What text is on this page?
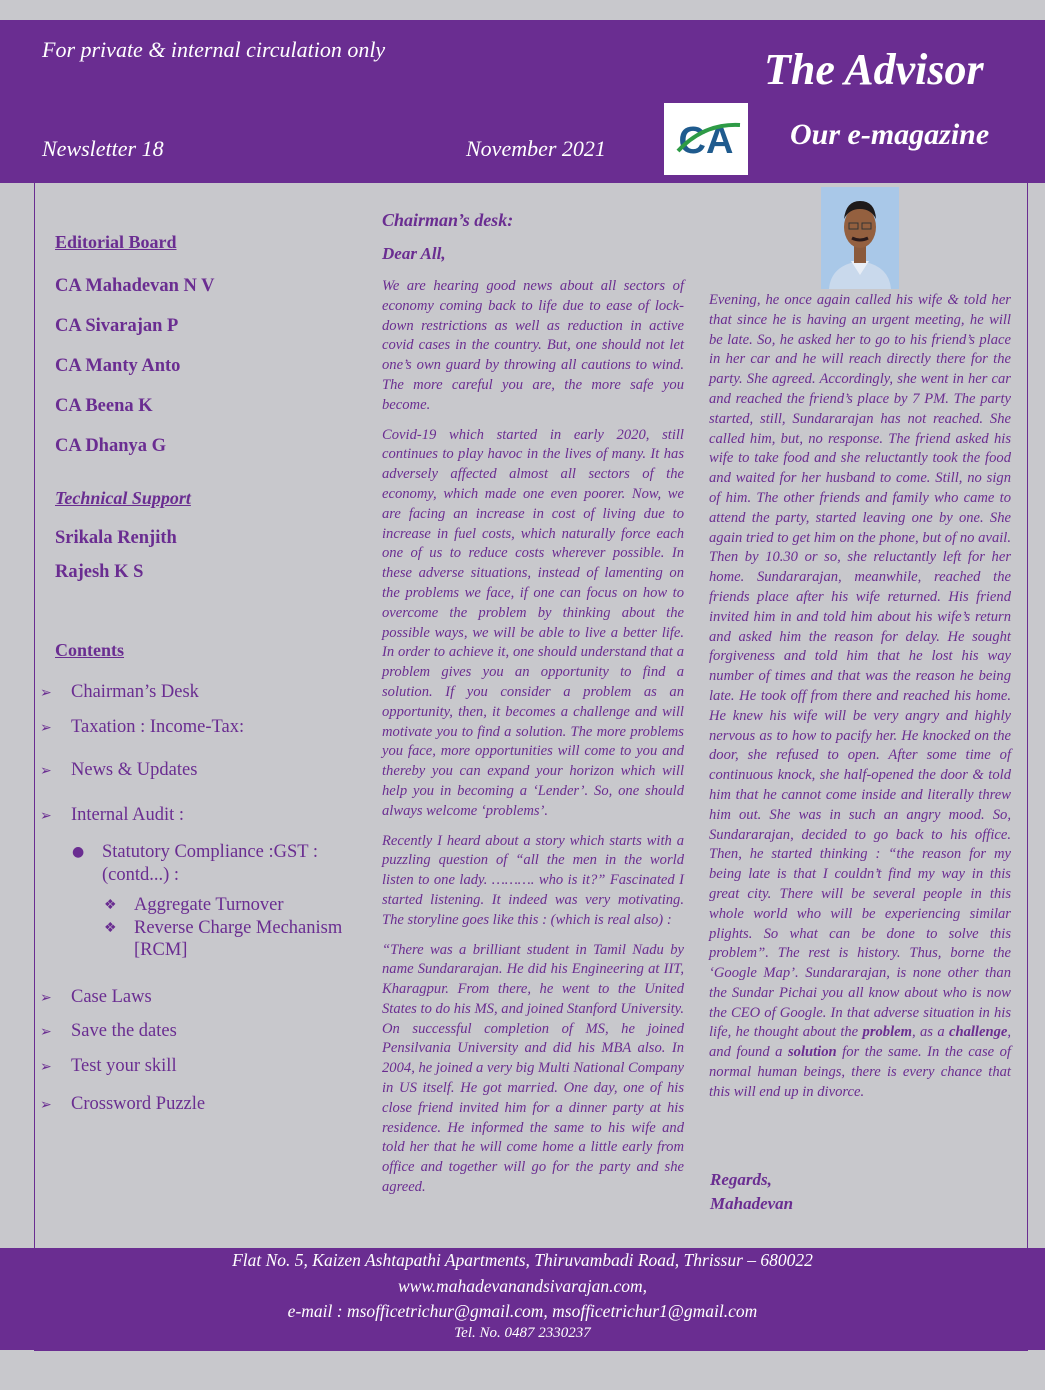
For private & internal circulation only
Newsletter 18	November 2021 CA
The Advisor
Our e-magazine
Editorial Board
CA Mahadevan N V
CA Sivarajan P
CA Manty Anto
CA Beena K
CA Dhanya G
Technical Support
Srikala Renjith
Rajesh K S
Contents
➢ Chairman’s Desk
➢ Taxation : Income-Tax:
➢ News & Updates
➢ Internal Audit :
● Statutory Compliance :GST :
(contd...) :
❖ Aggregate Turnover
❖ Reverse Charge Mechanism
[RCM]
➢ Case Laws
➢ Save the dates
➢ Test your skill
➢ Crossword Puzzle
Chairman’s desk:
Dear All,

We are hearing good news about all sectors of economy coming back to life due to ease of lock-down restrictions as well as reduction in active covid cases in the country. But, one should not let one’s own guard by throwing all cautions to wind. The more careful you are, the more safe you become.

Covid-19 which started in early 2020, still continues to play havoc in the lives of many. It has adversely affected almost all sectors of the economy, which made one even poorer. Now, we are facing an increase in cost of living due to increase in fuel costs, which naturally force each one of us to reduce costs wherever possible. In these adverse situations, instead of lamenting on the problems we face, if one can focus on how to overcome the problem by thinking about the possible ways, we will be able to live a better life. In order to achieve it, one should understand that a problem gives you an opportunity to find a solution. If you consider a problem as an opportunity, then, it becomes a challenge and will motivate you to find a solution. The more problems you face, more opportunities will come to you and thereby you can expand your horizon which will help you in becoming a ‘Lender’. So, one should always welcome ‘problems’.

Recently I heard about a story which starts with a puzzling question of “all the men in the world listen to one lady. ………. who is it?” Fascinated I started listening. It indeed was very motivating. The storyline goes like this : (which is real also) :

“There was a brilliant student in Tamil Nadu by name Sundararajan. He did his Engineering at IIT, Kharagpur. From there, he went to the United States to do his MS, and joined Stanford University. On successful completion of MS, he joined Pensilvania University and did his MBA also. In 2004, he joined a very big Multi National Company in US itself. He got married. One day, one of his close friend invited him for a dinner party at his residence. He informed the same to his wife and told her that he will come home a little early from office and together will go for the party and she agreed.

Evening, he once again called his wife & told her that since he is having an urgent meeting, he will be late. So, he asked her to go to his friend’s place in her car and he will reach directly there for the party. She agreed. Accordingly, she went in her car and reached the friend’s place by 7 PM. The party started, still, Sundararajan has not reached. She called him, but, no response. The friend asked his wife to take food and she reluctantly took the food and waited for her husband to come. Still, no sign of him. The other friends and family who came to attend the party, started leaving one by one. She again tried to get him on the phone, but of no avail. Then by 10.30 or so, she reluctantly left for her home. Sundararajan, meanwhile, reached the friends place after his wife returned. His friend invited him in and told him about his wife’s return and asked him the reason for delay. He sought forgiveness and told him that he lost his way number of times and that was the reason he being late. He took off from there and reached his home. He knew his wife will be very angry and highly nervous as to how to pacify her. He knocked on the door, she refused to open. After some time of continuous knock, she half-opened the door & told him that he cannot come inside and literally threw him out. She was in such an angry mood. So, Sundararajan, decided to go back to his office. Then, he started thinking : “the reason for my being late is that I couldn’t find my way in this great city. There will be several people in this whole world who will be experiencing similar plights. So what can be done to solve this problem”. The rest is history. Thus, borne the ‘Google Map’. Sundararajan, is none other than the Sundar Pichai you all know about who is now the CEO of Google. In that adverse situation in his life, he thought about the problem, as a challenge, and found a solution for the same. In the case of normal human beings, there is every chance that this will end up in divorce.

Regards,
Mahadevan
Flat No. 5, Kaizen Ashtapathi Apartments, Thiruvambadi Road, Thrissur – 680022
www.mahadevanandsivarajan.com,
e-mail : msofficetrichur@gmail.com, msofficetrichur1@gmail.com
Tel. No. 0487 2330237
